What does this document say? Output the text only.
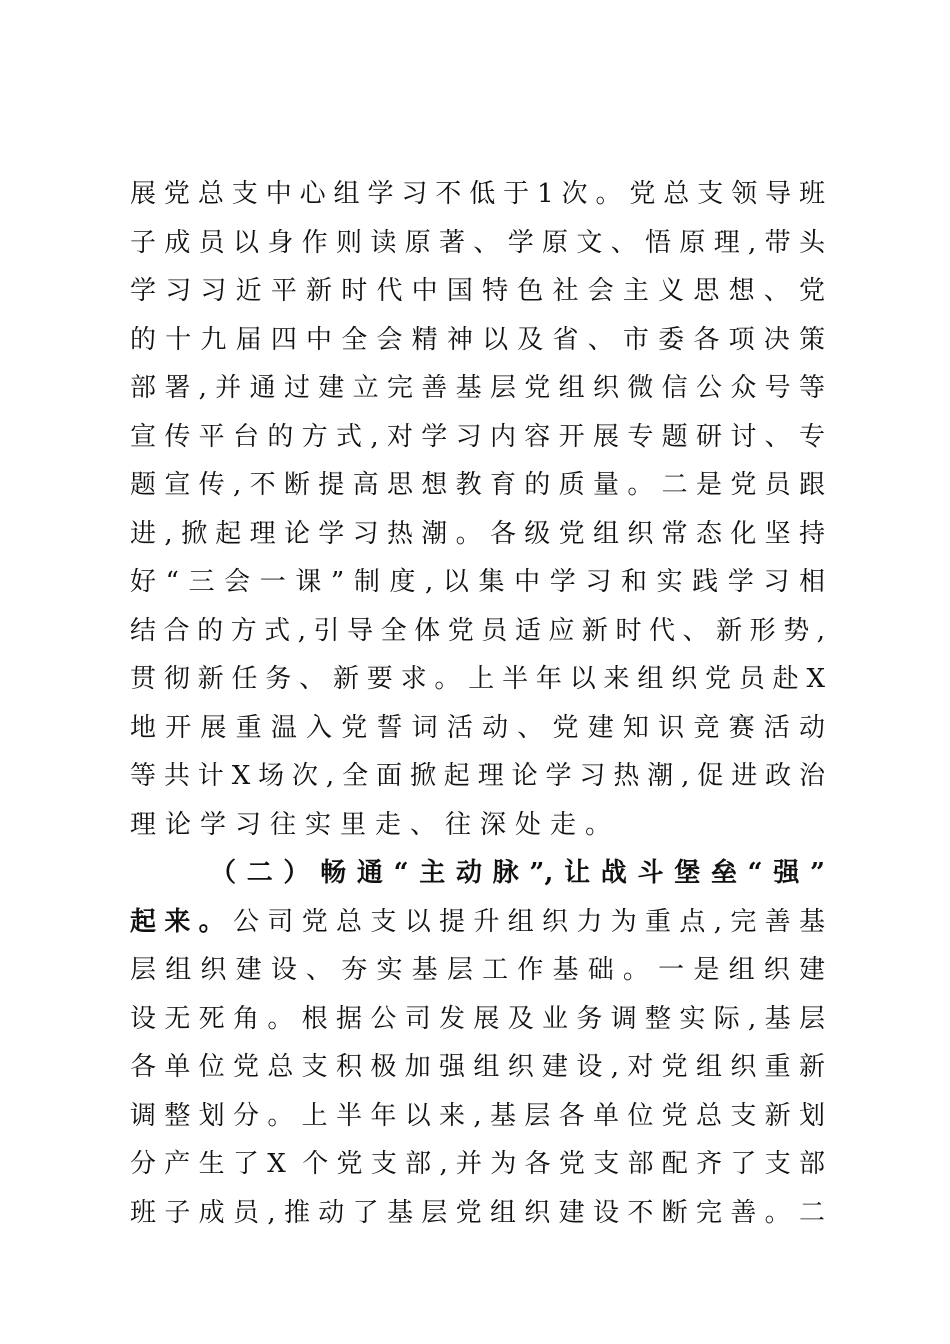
展党总支中心组学习不低于1次。党总支领导班
子成员以身作则读原著、学原文、悟原理,带头
学习习近平新时代中国特色社会主义思想、党
的十九届四中全会精神以及省、市委各项决策
部署,并通过建立完善基层党组织微信公众号等
宣传平台的方式,对学习内容开展专题研讨、专
题宣传,不断提高思想教育的质量。二是党员跟
进,掀起理论学习热潮。各级党组织常态化坚持
好“三会一课”制度,以集中学习和实践学习相
结合的方式,引导全体党员适应新时代、新形势,
贯彻新任务、新要求。上半年以来组织党员赴X
地开展重温入党誓词活动、党建知识竞赛活动
等共计X场次,全面掀起理论学习热潮,促进政治
理论学习往实里走、往深处走。
（二）畅通“主动脉”,让战斗堡垒“强”
起来。公司党总支以提升组织力为重点,完善基
层组织建设、夯实基层工作基础。一是组织建
设无死角。根据公司发展及业务调整实际,基层
各单位党总支积极加强组织建设,对党组织重新
调整划分。上半年以来,基层各单位党总支新划
分产生了X 个党支部,并为各党支部配齐了支部
班子成员,推动了基层党组织建设不断完善。二
